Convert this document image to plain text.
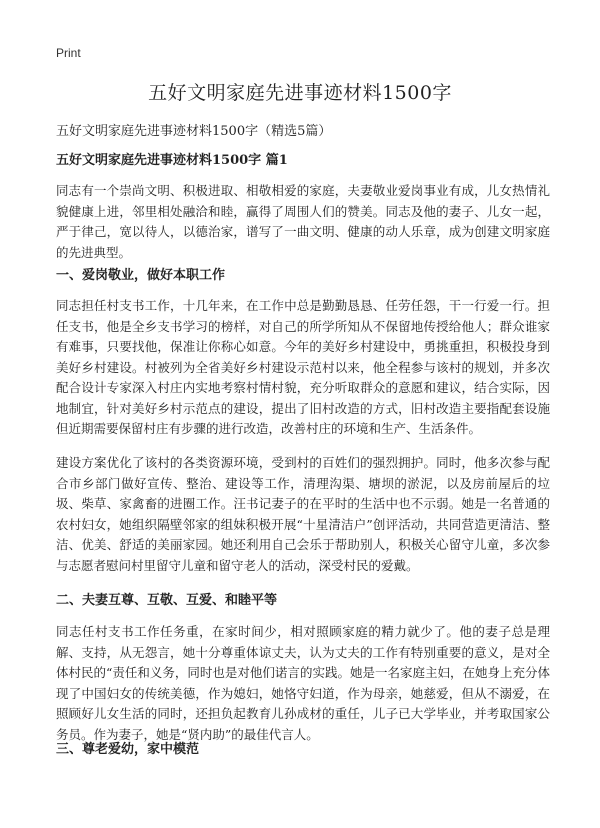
Print
五好文明家庭先进事迹材料1500字
五好文明家庭先进事迹材料1500字（精选5篇）
五好文明家庭先进事迹材料1500字 篇1

同志有一个崇尚文明、积极进取、相敬相爱的家庭，夫妻敬业爱岗事业有成，儿女热情礼貌健康上进，邻里相处融洽和睦，赢得了周围人们的赞美。同志及他的妻子、儿女一起，严于律己，宽以待人，以德治家，谱写了一曲文明、健康的动人乐章，成为创建文明家庭的先进典型。

一、爱岗敬业，做好本职工作

同志担任村支书工作，十几年来，在工作中总是勤勤恳恳、任劳任怨，干一行爱一行。担任支书，他是全乡支书学习的榜样，对自己的所学所知从不保留地传授给他人；群众谁家有难事，只要找他，保准让你称心如意。今年的美好乡村建设中，勇挑重担，积极投身到美好乡村建设。村被列为全省美好乡村建设示范村以来，他全程参与该村的规划，并多次配合设计专家深入村庄内实地考察村情村貌，充分听取群众的意愿和建议，结合实际，因地制宜，针对美好乡村示范点的建设，提出了旧村改造的方式，旧村改造主要指配套设施但近期需要保留村庄有步骤的进行改造，改善村庄的环境和生产、生活条件。

建设方案优化了该村的各类资源环境，受到村的百姓们的强烈拥护。同时，他多次参与配合市乡部门做好宣传、整治、建设等工作，清理沟渠、塘坝的淤泥，以及房前屋后的垃圾、柴草、家禽畜的进圈工作。汪书记妻子的在平时的生活中也不示弱。她是一名普通的农村妇女，她组织隔壁邻家的组妹积极开展“十星清洁户”创评活动，共同营造更清洁、整洁、优美、舒适的美丽家园。她还利用自己会乐于帮助别人，积极关心留守儿童，多次参与志愿者慰问村里留守儿童和留守老人的活动，深受村民的爱戴。

二、夫妻互尊、互敬、互爱、和睦平等

同志任村支书工作任务重，在家时间少，相对照顾家庭的精力就少了。他的妻子总是理解、支持，从无怨言，她十分尊重体谅丈夫，认为丈夫的工作有特别重要的意义，是对全体村民的“责任和义务，同时也是对他们诺言的实践。她是一名家庭主妇，在她身上充分体现了中国妇女的传统美德，作为媳妇，她恪守妇道，作为母亲，她慈爱，但从不溺爱，在照顾好儿女生活的同时，还担负起教育儿孙成材的重任，儿子已大学毕业，并考取国家公务员。作为妻子，她是“贤内助”的最佳代言人。

三、尊老爱幼，家中模范
